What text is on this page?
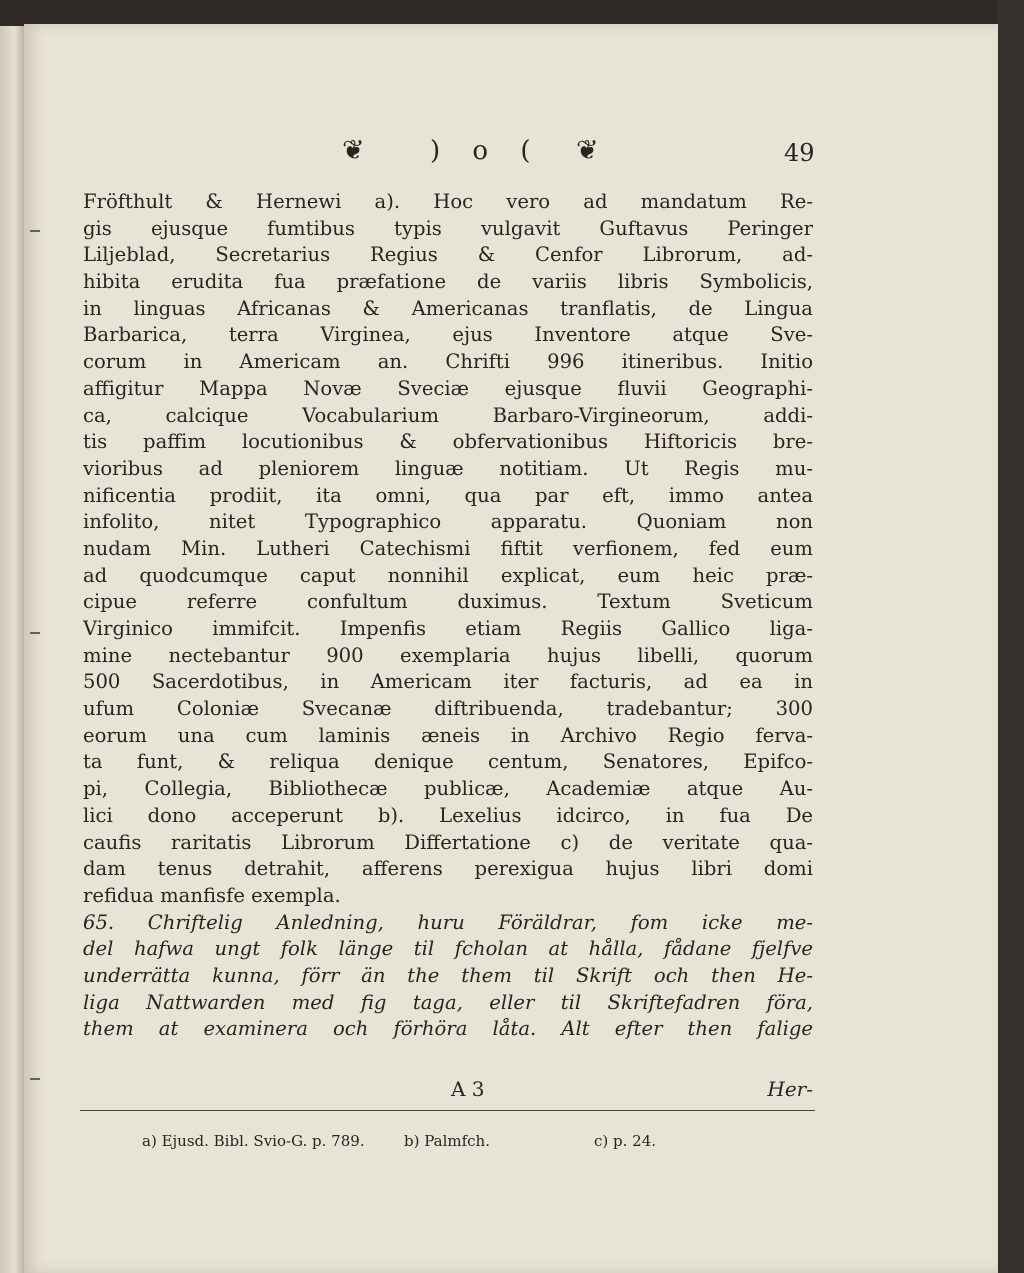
❦	) o ( ❦	49
Fröfthult & Hernewi a). Hoc vero ad mandatum Re-
gis ejusque fumtibus typis vulgavit Guftavus Peringer
Liljeblad, Secretarius Regius & Cenfor Librorum, ad-
hibita erudita fua præfatione de variis libris Symbolicis,
in linguas Africanas & Americanas tranflatis, de Lingua
Barbarica, terra Virginea, ejus Inventore atque Sve-
corum in Americam an. Chrifti 996 itineribus. Initio
affigitur Mappa Novæ Sveciæ ejusque fluvii Geographi-
ca, calcique Vocabularium Barbaro-Virgineorum, addi-
tis paffim locutionibus & obfervationibus Hiftoricis bre-
vioribus ad pleniorem linguæ notitiam. Ut Regis mu-
nificentia prodiit, ita omni, qua par eft, immo antea
infolito, nitet Typographico apparatu. Quoniam non
nudam Min. Lutheri Catechismi fiftit verfionem, fed eum
ad quodcumque caput nonnihil explicat, eum heic præ-
cipue referre confultum duximus. Textum Sveticum
Virginico immifcit. Impenfis etiam Regiis Gallico liga-
mine nectebantur 900 exemplaria hujus libelli, quorum
500 Sacerdotibus, in Americam iter facturis, ad ea in
ufum Coloniæ Svecanæ diftribuenda, tradebantur; 300
eorum una cum laminis æneis in Archivo Regio ferva-
ta funt, & reliqua denique centum, Senatores, Epifco-
pi, Collegia, Bibliothecæ publicæ, Academiæ atque Au-
lici dono acceperunt b). Lexelius idcirco, in fua De
caufis raritatis Librorum Differtatione c) de veritate qua-
dam tenus detrahit, afferens perexigua hujus libri domi
refidua manfisfe exempla.
65. Chriftelig Anledning, huru Föräldrar, fom icke me-
del hafwa ungt folk länge til fcholan at hålla, fådane fjelfve
underrätta kunna, förr än the them til Skrift och then He-
liga Nattwarden med fig taga, eller til Skriftefadren föra,
them at examinera och förhöra låta. Alt efter then falige
A 3	Her-
a) Ejusd. Bibl. Svio-G. p. 789.	b) Palmfch.	c) p. 24.
